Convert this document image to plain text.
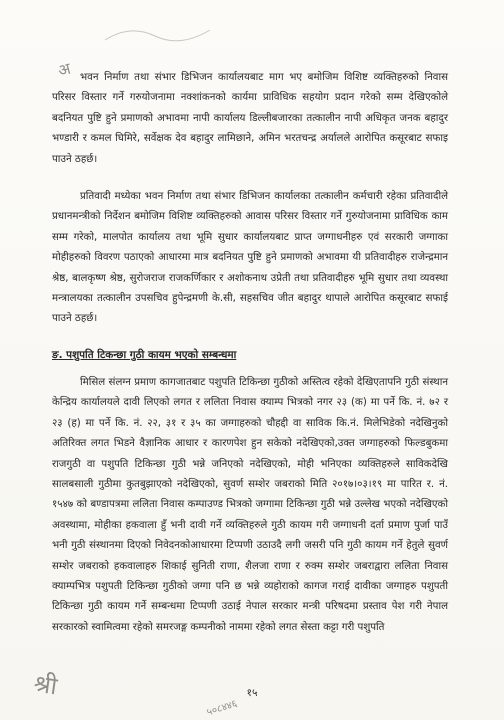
अ भवन निर्माण तथा संभार डिभिजन कार्यालयबाट माग भए बमोजिम विशिष्ट व्यक्तिहरुको निवास परिसर विस्तार गर्ने गरुयोजनामा नक्शांकनको कार्यमा प्राविधिक सहयोग प्रदान गरेको सम्म देखिएकोले बदनियत पुष्टि हुने प्रमाणको अभावमा नापी कार्यालय डिल्लीबजारका तत्कालीन नापी अधिकृत जनक बहादुर भण्डारी र कमल घिमिरे, सर्वेक्षक देव बहादुर लामिछाने, अमिन भरतचन्द्र अर्यालले आरोपित कसूरबाट सफाइ पाउने ठहर्छ।

प्रतिवादी मध्येका भवन निर्माण तथा संभार डिभिजन कार्यालका तत्कालीन कर्मचारी रहेका प्रतिवादीले प्रधानमन्त्रीको निर्देशन बमोजिम विशिष्ट व्यक्तिहरुको आवास परिसर विस्तार गर्ने गुरुयोजनामा प्राविधिक काम सम्म गरेको, मालपोत कार्यालय तथा भूमि सुधार कार्यालयबाट प्राप्त जग्गाधनीहरु एवं सरकारी जग्गाका मोहीहरुको विवरण पठाएको आधारमा मात्र बदनियत पुष्टि हुने प्रमाणको अभावमा यी प्रतिवादीहरु राजेन्द्रमान श्रेष्ठ, बालकृष्ण श्रेष्ठ, सुरोजराज राजकर्णिकार र अशोकनाथ उप्रेती तथा प्रतिवादीहरु भूमि सुधार तथा व्यवस्था मन्त्रालयका तत्कालीन उपसचिव हुपेन्द्रमणी के.सी, सहसचिव जीत बहादुर थापाले आरोपित कसूरबाट सफाई पाउने ठहर्छ।

ङ. पशुपति टिकन्छा गुठी कायम भएको सम्बन्धमा

मिसिल संलग्न प्रमाण कागजातबाट पशुपति टिकिन्छा गुठीको अस्तित्व रहेको देखिएतापनि गुठी संस्थान केन्द्रिय कार्यालयले दावी लिएको लगत र ललिता निवास क्याम्प भित्रको नगर २३ (क) मा पर्ने कि. नं. ७२ र २३ (ह) मा पर्ने कि. नं. २२, ३१ र ३५ का जग्गाहरुको चौहद्दी वा साविक कि.नं. मिलेभिडेको नदेखिनुको अतिरिक्त लगत भिडने वैज्ञानिक आधार र कारणपेश हुन सकेको नदेखिएको,उक्त जग्गाहरुको फिल्डबुकमा राजगुठी वा पशुपति टिकिन्छा गुठी भन्ने जनिएको नदेखिएको, मोही भनिएका व्यक्तिहरुले साविकदेखि सालबसाली गुठीमा कुतबुझाएको नदेखिएको, सुवर्ण सम्शेर जबराको मिति २०१७।०३।१९ मा पारित र. नं. १५४७ को बण्डापत्रमा ललिता निवास कम्पाउण्ड भित्रको जग्गामा टिकिन्छा गुठी भन्ने उल्लेख भएको नदेखिएको अवस्थामा, मोहीका हकवाला हुँ भनी दावी गर्ने व्यक्तिहरुले गुठी कायम गरी जग्गाधनी दर्ता प्रमाण पुर्जा पाउँ भनी गुठी संस्थानमा दिएको निवेदनकोआधारमा टिप्पणी उठाउदै लगी जसरी पनि गुठी कायम गर्ने हेतुले सुवर्ण सम्शेर जबराको हकवालाहरु शिकाई सुनिती राणा, शैलजा राणा र रुक्म सम्शेर जबराद्वारा ललिता निवास क्याम्पभित्र पशुपती टिकिन्छा गुठीको जग्गा पनि छ भन्ने व्यहोराको कागज गराई दावीका जग्गाहरु पशुपती टिकिन्छा गुठी कायम गर्ने सम्बन्धमा टिप्पणी उठाई नेपाल सरकार मन्त्री परिषदमा प्रस्ताव पेश गरी नेपाल सरकारको स्वामित्वमा रहेको समरजङ्ग कम्पनीको नाममा रहेको लगत सेस्ता कट्टा गरी पशुपति

श्री
५०८४४६
१५
